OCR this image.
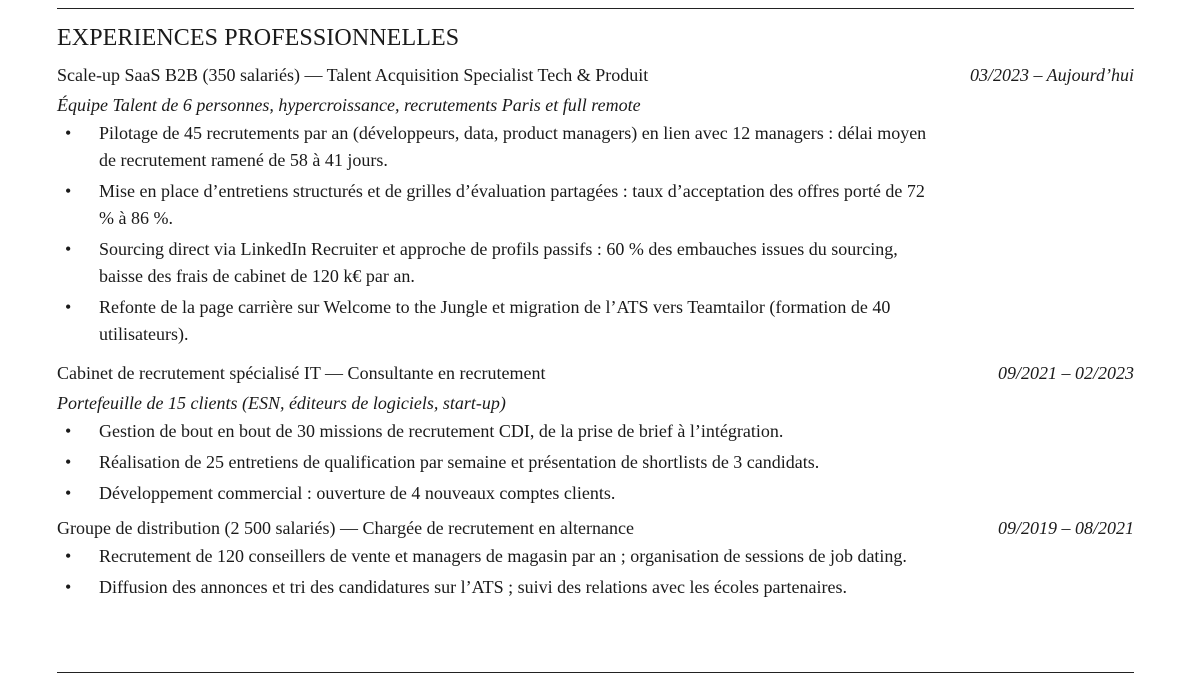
EXPERIENCES PROFESSIONNELLES
Scale-up SaaS B2B (350 salariés) — Talent Acquisition Specialist Tech & Produit	03/2023 – Aujourd’hui
Équipe Talent de 6 personnes, hypercroissance, recrutements Paris et full remote
• Pilotage de 45 recrutements par an (développeurs, data, product managers) en lien avec 12 managers : délai moyen de recrutement ramené de 58 à 41 jours.
• Mise en place d’entretiens structurés et de grilles d’évaluation partagées : taux d’acceptation des offres porté de 72 % à 86 %.
• Sourcing direct via LinkedIn Recruiter et approche de profils passifs : 60 % des embauches issues du sourcing, baisse des frais de cabinet de 120 k€ par an.
• Refonte de la page carrière sur Welcome to the Jungle et migration de l’ATS vers Teamtailor (formation de 40 utilisateurs).
Cabinet de recrutement spécialisé IT — Consultante en recrutement	09/2021 – 02/2023
Portefeuille de 15 clients (ESN, éditeurs de logiciels, start-up)
• Gestion de bout en bout de 30 missions de recrutement CDI, de la prise de brief à l’intégration.
• Réalisation de 25 entretiens de qualification par semaine et présentation de shortlists de 3 candidats.
• Développement commercial : ouverture de 4 nouveaux comptes clients.
Groupe de distribution (2 500 salariés) — Chargée de recrutement en alternance	09/2019 – 08/2021
• Recrutement de 120 conseillers de vente et managers de magasin par an ; organisation de sessions de job dating.
• Diffusion des annonces et tri des candidatures sur l’ATS ; suivi des relations avec les écoles partenaires.
